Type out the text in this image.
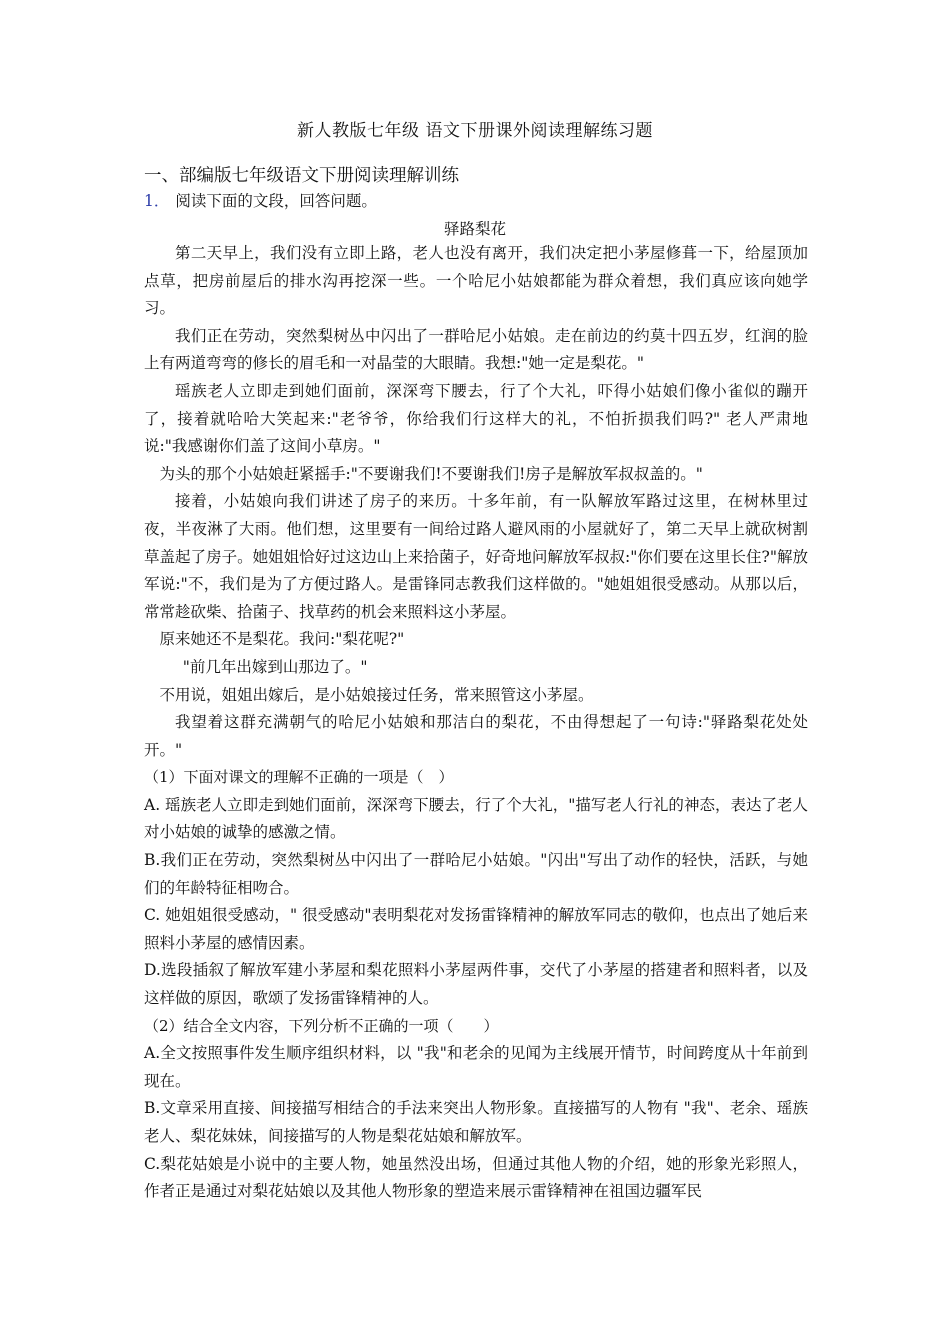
新人教版七年级 语文下册课外阅读理解练习题
一、部编版七年级语文下册阅读理解训练
1． 阅读下面的文段，回答问题。
驿路梨花

第二天早上，我们没有立即上路，老人也没有离开，我们决定把小茅屋修葺一下，给屋顶加点草，把房前屋后的排水沟再挖深一些。一个哈尼小姑娘都能为群众着想，我们真应该向她学习。

我们正在劳动，突然梨树丛中闪出了一群哈尼小姑娘。走在前边的约莫十四五岁，红润的脸上有两道弯弯的修长的眉毛和一对晶莹的大眼睛。我想:"她一定是梨花。"

瑶族老人立即走到她们面前，深深弯下腰去，行了个大礼，吓得小姑娘们像小雀似的蹦开了，接着就哈哈大笑起来:"老爷爷，你给我们行这样大的礼，不怕折损我们吗?" 老人严肃地说:"我感谢你们盖了这间小草房。"

为头的那个小姑娘赶紧摇手:"不要谢我们!不要谢我们!房子是解放军叔叔盖的。"

接着，小姑娘向我们讲述了房子的来历。十多年前，有一队解放军路过这里，在树林里过夜，半夜淋了大雨。他们想，这里要有一间给过路人避风雨的小屋就好了，第二天早上就砍树割草盖起了房子。她姐姐恰好过这边山上来拾菌子，好奇地问解放军叔叔:"你们要在这里长住?"解放军说:"不，我们是为了方便过路人。是雷锋同志教我们这样做的。"她姐姐很受感动。从那以后，常常趁砍柴、拾菌子、找草药的机会来照料这小茅屋。

原来她还不是梨花。我问:"梨花呢?"

"前几年出嫁到山那边了。"

不用说，姐姐出嫁后，是小姑娘接过任务，常来照管这小茅屋。

我望着这群充满朝气的哈尼小姑娘和那洁白的梨花，不由得想起了一句诗:"驿路梨花处处开。"

（1）下面对课文的理解不正确的一项是（　）

A. 瑶族老人立即走到她们面前，深深弯下腰去，行了个大礼，"描写老人行礼的神态，表达了老人对小姑娘的诚挚的感激之情。

B.我们正在劳动，突然梨树丛中闪出了一群哈尼小姑娘。"闪出"写出了动作的轻快，活跃，与她们的年龄特征相吻合。

C. 她姐姐很受感动，" 很受感动"表明梨花对发扬雷锋精神的解放军同志的敬仰，也点出了她后来照料小茅屋的感情因素。

D.选段插叙了解放军建小茅屋和梨花照料小茅屋两件事，交代了小茅屋的搭建者和照料者，以及这样做的原因，歌颂了发扬雷锋精神的人。

（2）结合全文内容，下列分析不正确的一项（　　）

A.全文按照事件发生顺序组织材料，以 "我"和老余的见闻为主线展开情节，时间跨度从十年前到现在。

B.文章采用直接、间接描写相结合的手法来突出人物形象。直接描写的人物有 "我"、老余、瑶族老人、梨花妹妹，间接描写的人物是梨花姑娘和解放军。

C.梨花姑娘是小说中的主要人物，她虽然没出场，但通过其他人物的介绍，她的形象光彩照人，作者正是通过对梨花姑娘以及其他人物形象的塑造来展示雷锋精神在祖国边疆军民
